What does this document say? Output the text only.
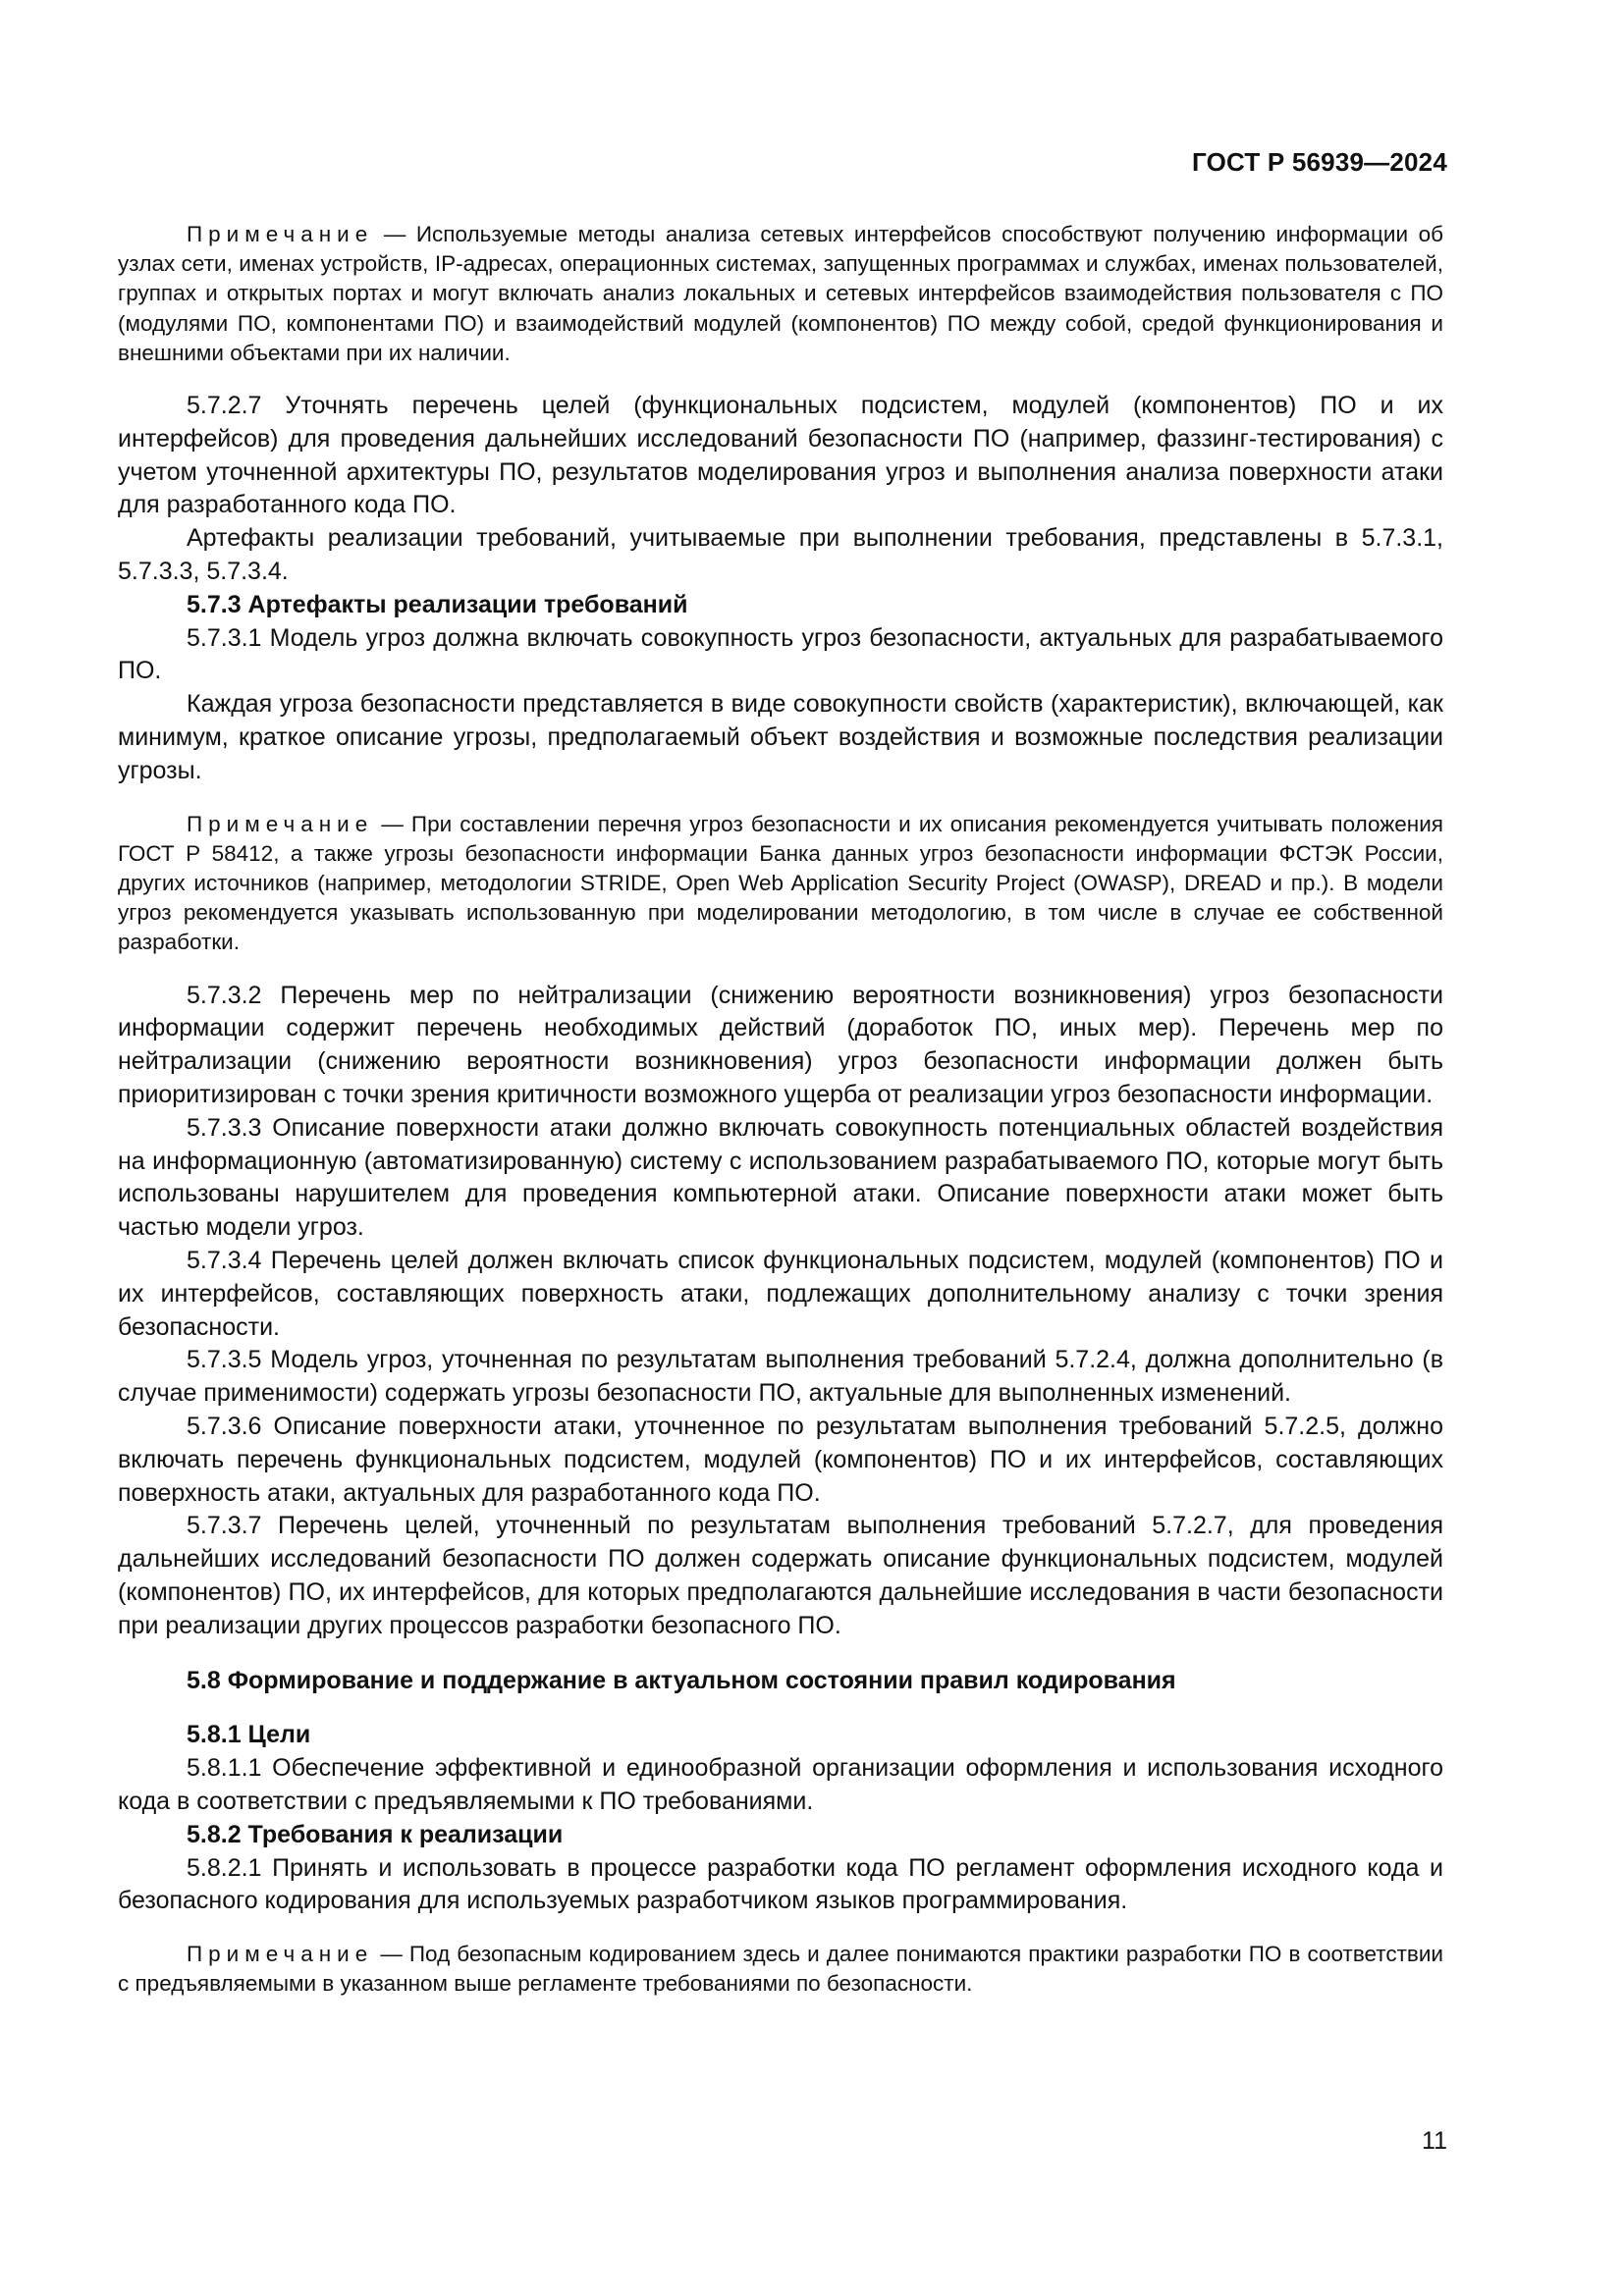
ГОСТ Р 56939—2024

Примечание — Используемые методы анализа сетевых интерфейсов способствуют получению информации об узлах сети, именах устройств, IP-адресах, операционных системах, запущенных программах и службах, именах пользователей, группах и открытых портах и могут включать анализ локальных и сетевых интерфейсов взаимодействия пользователя с ПО (модулями ПО, компонентами ПО) и взаимодействий модулей (компонентов) ПО между собой, средой функционирования и внешними объектами при их наличии.

5.7.2.7 Уточнять перечень целей (функциональных подсистем, модулей (компонентов) ПО и их интерфейсов) для проведения дальнейших исследований безопасности ПО (например, фаззинг-тестирования) с учетом уточненной архитектуры ПО, результатов моделирования угроз и выполнения анализа поверхности атаки для разработанного кода ПО.

Артефакты реализации требований, учитываемые при выполнении требования, представлены в 5.7.3.1, 5.7.3.3, 5.7.3.4.

5.7.3 Артефакты реализации требований

5.7.3.1 Модель угроз должна включать совокупность угроз безопасности, актуальных для разрабатываемого ПО.

Каждая угроза безопасности представляется в виде совокупности свойств (характеристик), включающей, как минимум, краткое описание угрозы, предполагаемый объект воздействия и возможные последствия реализации угрозы.

Примечание — При составлении перечня угроз безопасности и их описания рекомендуется учитывать положения ГОСТ Р 58412, а также угрозы безопасности информации Банка данных угроз безопасности информации ФСТЭК России, других источников (например, методологии STRIDE, Open Web Application Security Project (OWASP), DREAD и пр.). В модели угроз рекомендуется указывать использованную при моделировании методологию, в том числе в случае ее собственной разработки.

5.7.3.2 Перечень мер по нейтрализации (снижению вероятности возникновения) угроз безопасности информации содержит перечень необходимых действий (доработок ПО, иных мер). Перечень мер по нейтрализации (снижению вероятности возникновения) угроз безопасности информации должен быть приоритизирован с точки зрения критичности возможного ущерба от реализации угроз безопасности информации.

5.7.3.3 Описание поверхности атаки должно включать совокупность потенциальных областей воздействия на информационную (автоматизированную) систему с использованием разрабатываемого ПО, которые могут быть использованы нарушителем для проведения компьютерной атаки. Описание поверхности атаки может быть частью модели угроз.

5.7.3.4 Перечень целей должен включать список функциональных подсистем, модулей (компонентов) ПО и их интерфейсов, составляющих поверхность атаки, подлежащих дополнительному анализу с точки зрения безопасности.

5.7.3.5 Модель угроз, уточненная по результатам выполнения требований 5.7.2.4, должна дополнительно (в случае применимости) содержать угрозы безопасности ПО, актуальные для выполненных изменений.

5.7.3.6 Описание поверхности атаки, уточненное по результатам выполнения требований 5.7.2.5, должно включать перечень функциональных подсистем, модулей (компонентов) ПО и их интерфейсов, составляющих поверхность атаки, актуальных для разработанного кода ПО.

5.7.3.7 Перечень целей, уточненный по результатам выполнения требований 5.7.2.7, для проведения дальнейших исследований безопасности ПО должен содержать описание функциональных подсистем, модулей (компонентов) ПО, их интерфейсов, для которых предполагаются дальнейшие исследования в части безопасности при реализации других процессов разработки безопасного ПО.

5.8 Формирование и поддержание в актуальном состоянии правил кодирования

5.8.1 Цели

5.8.1.1 Обеспечение эффективной и единообразной организации оформления и использования исходного кода в соответствии с предъявляемыми к ПО требованиями.

5.8.2 Требования к реализации

5.8.2.1 Принять и использовать в процессе разработки кода ПО регламент оформления исходного кода и безопасного кодирования для используемых разработчиком языков программирования.

Примечание — Под безопасным кодированием здесь и далее понимаются практики разработки ПО в соответствии с предъявляемыми в указанном выше регламенте требованиями по безопасности.

11
